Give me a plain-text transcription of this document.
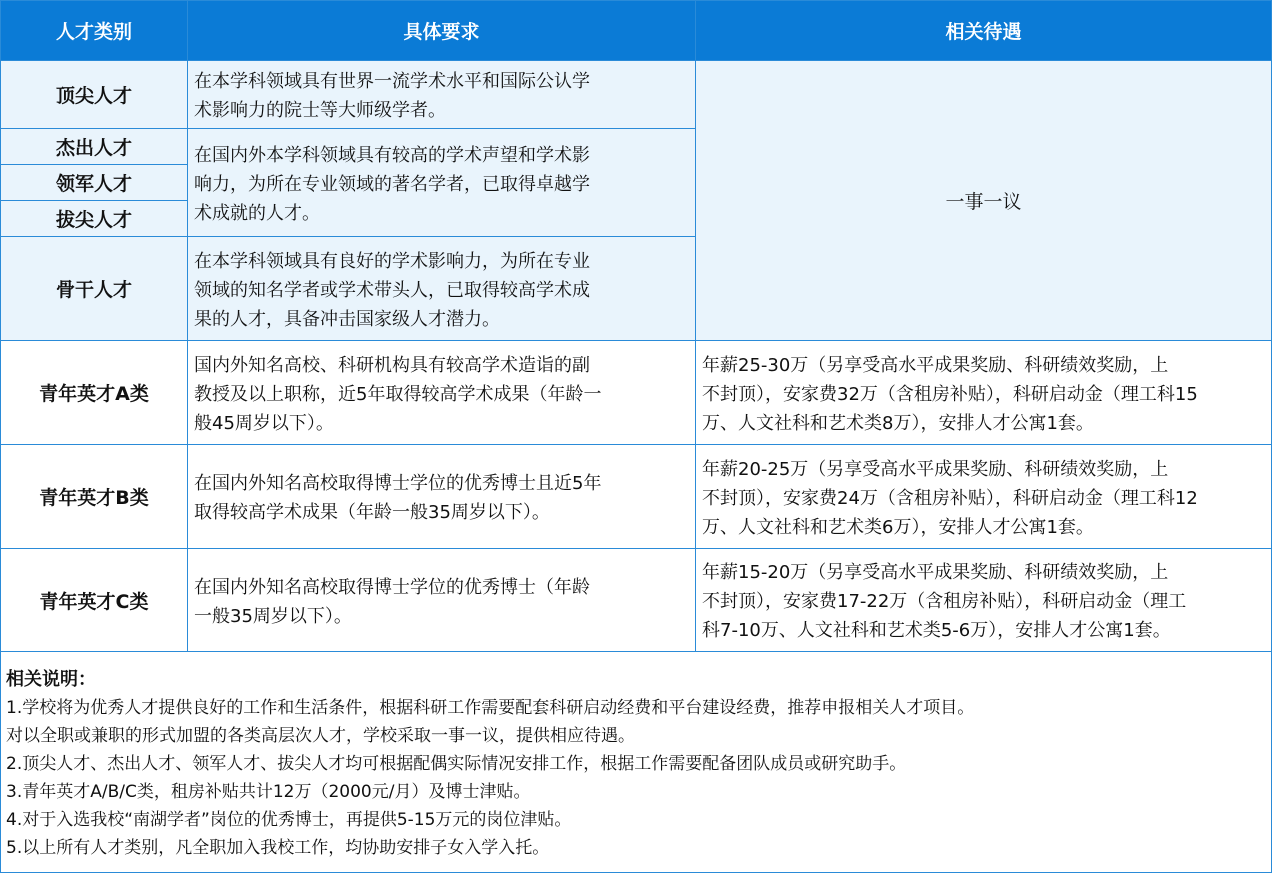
人才类别	具体要求	相关待遇
顶尖人才
在本学科领域具有世界一流学术水平和国际公认学
术影响力的院士等大师级学者。
杰出人才
领军人才
拔尖人才
在国内外本学科领域具有较高的学术声望和学术影
响力，为所在专业领域的著名学者，已取得卓越学
术成就的人才。
骨干人才
在本学科领域具有良好的学术影响力，为所在专业
领域的知名学者或学术带头人，已取得较高学术成
果的人才，具备冲击国家级人才潜力。
一事一议
青年英才A类
国内外知名高校、科研机构具有较高学术造诣的副
教授及以上职称，近5年取得较高学术成果（年龄一
般45周岁以下）。
年薪25-30万（另享受高水平成果奖励、科研绩效奖励，上
不封顶），安家费32万（含租房补贴），科研启动金（理工科15
万、人文社科和艺术类8万），安排人才公寓1套。
青年英才B类
在国内外知名高校取得博士学位的优秀博士且近5年
取得较高学术成果（年龄一般35周岁以下）。
年薪20-25万（另享受高水平成果奖励、科研绩效奖励，上
不封顶），安家费24万（含租房补贴），科研启动金（理工科12
万、人文社科和艺术类6万），安排人才公寓1套。
青年英才C类
在国内外知名高校取得博士学位的优秀博士（年龄
一般35周岁以下）。
年薪15-20万（另享受高水平成果奖励、科研绩效奖励，上
不封顶），安家费17-22万（含租房补贴），科研启动金（理工
科7-10万、人文社科和艺术类5-6万），安排人才公寓1套。
相关说明：
1.学校将为优秀人才提供良好的工作和生活条件，根据科研工作需要配套科研启动经费和平台建设经费，推荐申报相关人才项目。
对以全职或兼职的形式加盟的各类高层次人才，学校采取一事一议，提供相应待遇。
2.顶尖人才、杰出人才、领军人才、拔尖人才均可根据配偶实际情况安排工作，根据工作需要配备团队成员或研究助手。
3.青年英才A/B/C类，租房补贴共计12万（2000元/月）及博士津贴。
4.对于入选我校“南湖学者”岗位的优秀博士，再提供5-15万元的岗位津贴。
5.以上所有人才类别，凡全职加入我校工作，均协助安排子女入学入托。
